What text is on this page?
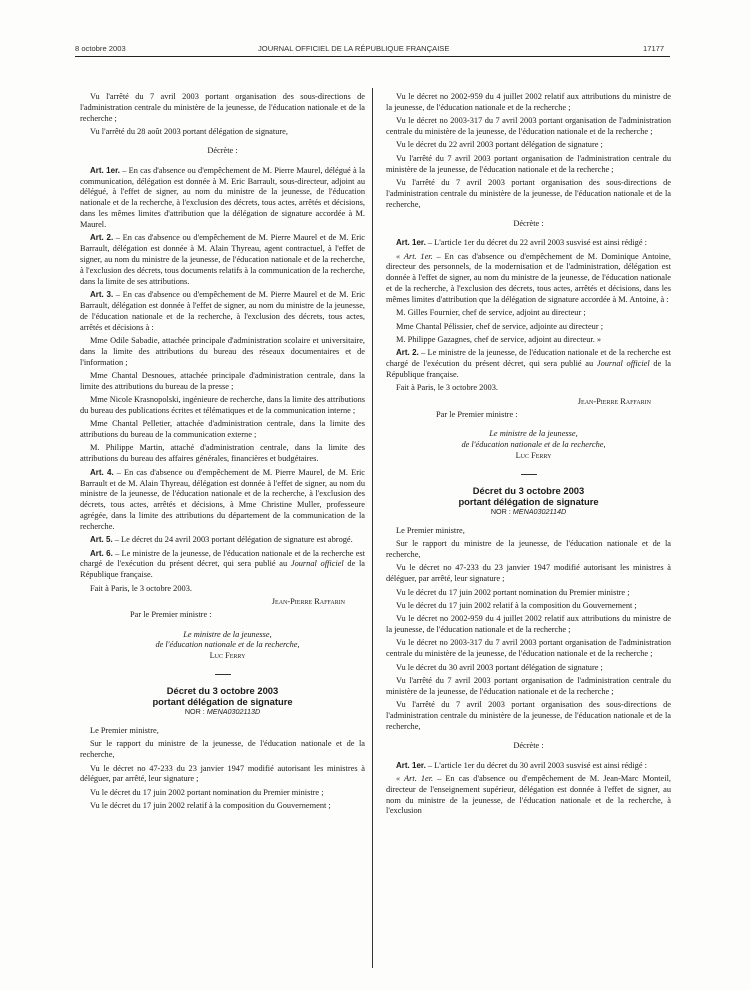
8 octobre 2003	JOURNAL OFFICIEL DE LA RÉPUBLIQUE FRANÇAISE	17177

Vu l'arrêté du 7 avril 2003 portant organisation des sous-directions de l'administration centrale du ministère de la jeunesse, de l'éducation nationale et de la recherche ;

Vu l'arrêté du 28 août 2003 portant délégation de signature,

Décrète :

Art. 1er. – En cas d'absence ou d'empêchement de M. Pierre Maurel, délégué à la communication, délégation est donnée à M. Eric Barrault, sous-directeur, adjoint au délégué, à l'effet de signer, au nom du ministre de la jeunesse, de l'éducation nationale et de la recherche, à l'exclusion des décrets, tous actes, arrêtés et décisions, dans les mêmes limites d'attribution que la délégation de signature accordée à M. Maurel.

Art. 2. – En cas d'absence ou d'empêchement de M. Pierre Maurel et de M. Eric Barrault, délégation est donnée à M. Alain Thyreau, agent contractuel, à l'effet de signer, au nom du ministre de la jeunesse, de l'éducation nationale et de la recherche, à l'exclusion des décrets, tous documents relatifs à la communication de la recherche, dans la limite de ses attributions.

Art. 3. – En cas d'absence ou d'empêchement de M. Pierre Maurel et de M. Eric Barrault, délégation est donnée à l'effet de signer, au nom du ministre de la jeunesse, de l'éducation nationale et de la recherche, à l'exclusion des décrets, tous actes, arrêtés et décisions à :

Mme Odile Sabadie, attachée principale d'administration scolaire et universitaire, dans la limite des attributions du bureau des réseaux documentaires et de l'information ;

Mme Chantal Desnoues, attachée principale d'administration centrale, dans la limite des attributions du bureau de la presse ;

Mme Nicole Krasnopolski, ingénieure de recherche, dans la limite des attributions du bureau des publications écrites et télématiques et de la communication interne ;

Mme Chantal Pelletier, attachée d'administration centrale, dans la limite des attributions du bureau de la communication externe ;

M. Philippe Martin, attaché d'administration centrale, dans la limite des attributions du bureau des affaires générales, financières et budgétaires.

Art. 4. – En cas d'absence ou d'empêchement de M. Pierre Maurel, de M. Eric Barrault et de M. Alain Thyreau, délégation est donnée à l'effet de signer, au nom du ministre de la jeunesse, de l'éducation nationale et de la recherche, à l'exclusion des décrets, tous actes, arrêtés et décisions, à Mme Christine Muller, professeure agrégée, dans la limite des attributions du département de la communication de la recherche.

Art. 5. – Le décret du 24 avril 2003 portant délégation de signature est abrogé.

Art. 6. – Le ministre de la jeunesse, de l'éducation nationale et de la recherche est chargé de l'exécution du présent décret, qui sera publié au Journal officiel de la République française.

Fait à Paris, le 3 octobre 2003.

Jean-Pierre Raffarin

Par le Premier ministre :

Le ministre de la jeunesse,

de l'éducation nationale et de la recherche,

Luc Ferry

Décret du 3 octobre 2003

portant délégation de signature

NOR : MENA0302113D

Le Premier ministre,

Sur le rapport du ministre de la jeunesse, de l'éducation nationale et de la recherche,

Vu le décret no 47-233 du 23 janvier 1947 modifié autorisant les ministres à déléguer, par arrêté, leur signature ;

Vu le décret du 17 juin 2002 portant nomination du Premier ministre ;

Vu le décret du 17 juin 2002 relatif à la composition du Gouvernement ;

Vu le décret no 2002-959 du 4 juillet 2002 relatif aux attributions du ministre de la jeunesse, de l'éducation nationale et de la recherche ;

Vu le décret no 2003-317 du 7 avril 2003 portant organisation de l'administration centrale du ministère de la jeunesse, de l'éducation nationale et de la recherche ;

Vu le décret du 22 avril 2003 portant délégation de signature ;

Vu l'arrêté du 7 avril 2003 portant organisation de l'administration centrale du ministère de la jeunesse, de l'éducation nationale et de la recherche ;

Vu l'arrêté du 7 avril 2003 portant organisation des sous-directions de l'administration centrale du ministère de la jeunesse, de l'éducation nationale et de la recherche,

Décrète :

Art. 1er. – L'article 1er du décret du 22 avril 2003 susvisé est ainsi rédigé :

« Art. 1er. – En cas d'absence ou d'empêchement de M. Dominique Antoine, directeur des personnels, de la modernisation et de l'administration, délégation est donnée à l'effet de signer, au nom du ministre de la jeunesse, de l'éducation nationale et de la recherche, à l'exclusion des décrets, tous actes, arrêtés et décisions, dans les mêmes limites d'attribution que la délégation de signature accordée à M. Antoine, à :

M. Gilles Fournier, chef de service, adjoint au directeur ;

Mme Chantal Pélissier, chef de service, adjointe au directeur ;

M. Philippe Gazagnes, chef de service, adjoint au directeur. »

Art. 2. – Le ministre de la jeunesse, de l'éducation nationale et de la recherche est chargé de l'exécution du présent décret, qui sera publié au Journal officiel de la République française.

Fait à Paris, le 3 octobre 2003.

Jean-Pierre Raffarin

Par le Premier ministre :

Le ministre de la jeunesse,

de l'éducation nationale et de la recherche,

Luc Ferry

Décret du 3 octobre 2003

portant délégation de signature

NOR : MENA0302114D

Le Premier ministre,

Sur le rapport du ministre de la jeunesse, de l'éducation nationale et de la recherche,

Vu le décret no 47-233 du 23 janvier 1947 modifié autorisant les ministres à déléguer, par arrêté, leur signature ;

Vu le décret du 17 juin 2002 portant nomination du Premier ministre ;

Vu le décret du 17 juin 2002 relatif à la composition du Gouvernement ;

Vu le décret no 2002-959 du 4 juillet 2002 relatif aux attributions du ministre de la jeunesse, de l'éducation nationale et de la recherche ;

Vu le décret no 2003-317 du 7 avril 2003 portant organisation de l'administration centrale du ministère de la jeunesse, de l'éducation nationale et de la recherche ;

Vu le décret du 30 avril 2003 portant délégation de signature ;

Vu l'arrêté du 7 avril 2003 portant organisation de l'administration centrale du ministère de la jeunesse, de l'éducation nationale et de la recherche ;

Vu l'arrêté du 7 avril 2003 portant organisation des sous-directions de l'administration centrale du ministère de la jeunesse, de l'éducation nationale et de la recherche,

Décrète :

Art. 1er. – L'article 1er du décret du 30 avril 2003 susvisé est ainsi rédigé :

« Art. 1er. – En cas d'absence ou d'empêchement de M. Jean-Marc Monteil, directeur de l'enseignement supérieur, délégation est donnée à l'effet de signer, au nom du ministre de la jeunesse, de l'éducation nationale et de la recherche, à l'exclusion
